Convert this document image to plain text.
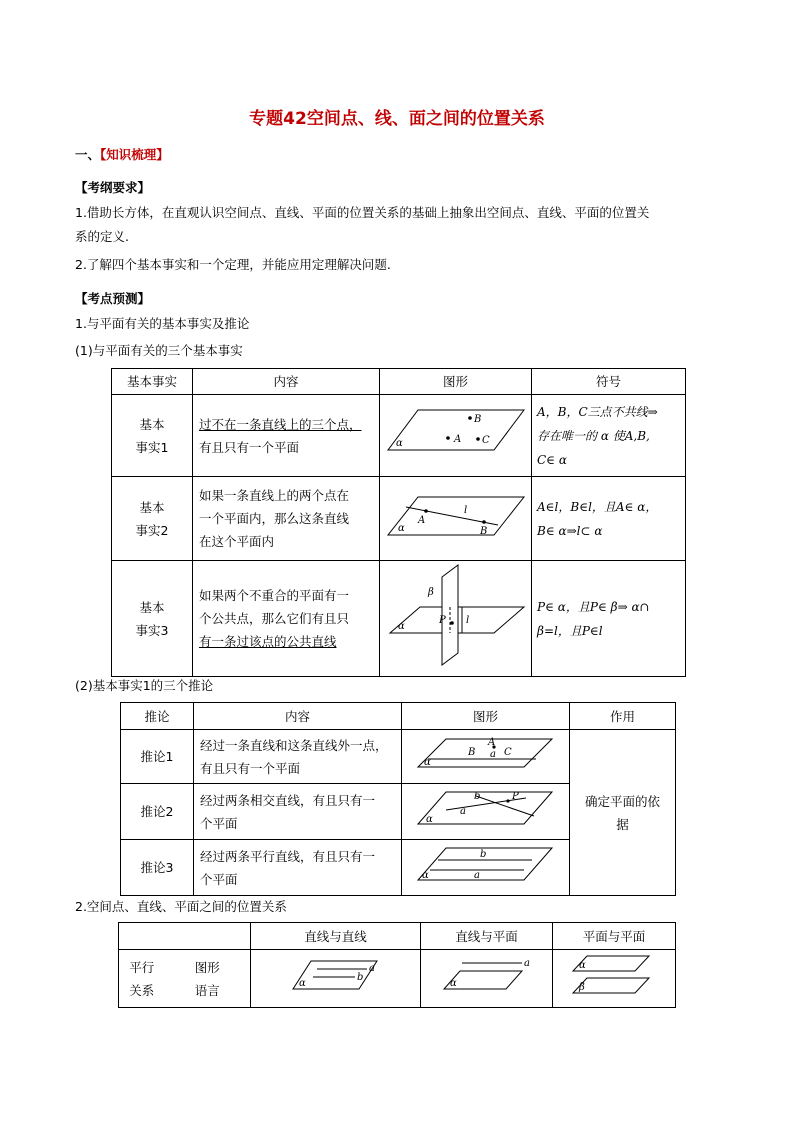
专题42空间点、线、面之间的位置关系
一、【知识梳理】
【考纲要求】
1.借助长方体，在直观认识空间点、直线、平面的位置关系的基础上抽象出空间点、直线、平面的位置关
系的定义.
2.了解四个基本事实和一个定理，并能应用定理解决问题.
【考点预测】
1.与平面有关的基本事实及推论
(1)与平面有关的三个基本事实
基本事实	内容	图形	符号
基本
事实1	过不在一条直线上的三个点，
有且只有一个平面	B
α A C	A，B，C三点不共线⇒
存在唯一的 α 使A,B,
C∈ α
基本
事实2	如果一条直线上的两个点在
一个平面内，那么这条直线
在这个平面内	l
A
α B	A∈l，B∈l，且A∈ α，
B∈ α⇒l⊂ α
基本
事实3	如果两个不重合的平面有一
个公共点，那么它们有且只
有一条过该点的公共直线	β
α
P l	P∈ α，且P∈ β⇒ α∩
β=l，且P∈l
(2)基本事实1的三个推论
推论	内容	图形	作用
推论1	经过一条直线和这条直线外一点，
有且只有一个平面	A
B a C
α	确定平面的依
据
推论2	经过两条相交直线，有且只有一
个平面	b P
a
α	

推论3	经过两条平行直线，有且只有一
个平面	b
α a	
2.空间点、直线、平面之间的位置关系
		直线与直线	直线与平面	平面与平面
平行
关系	图形
语言	a
b
α	a
α	α
β
